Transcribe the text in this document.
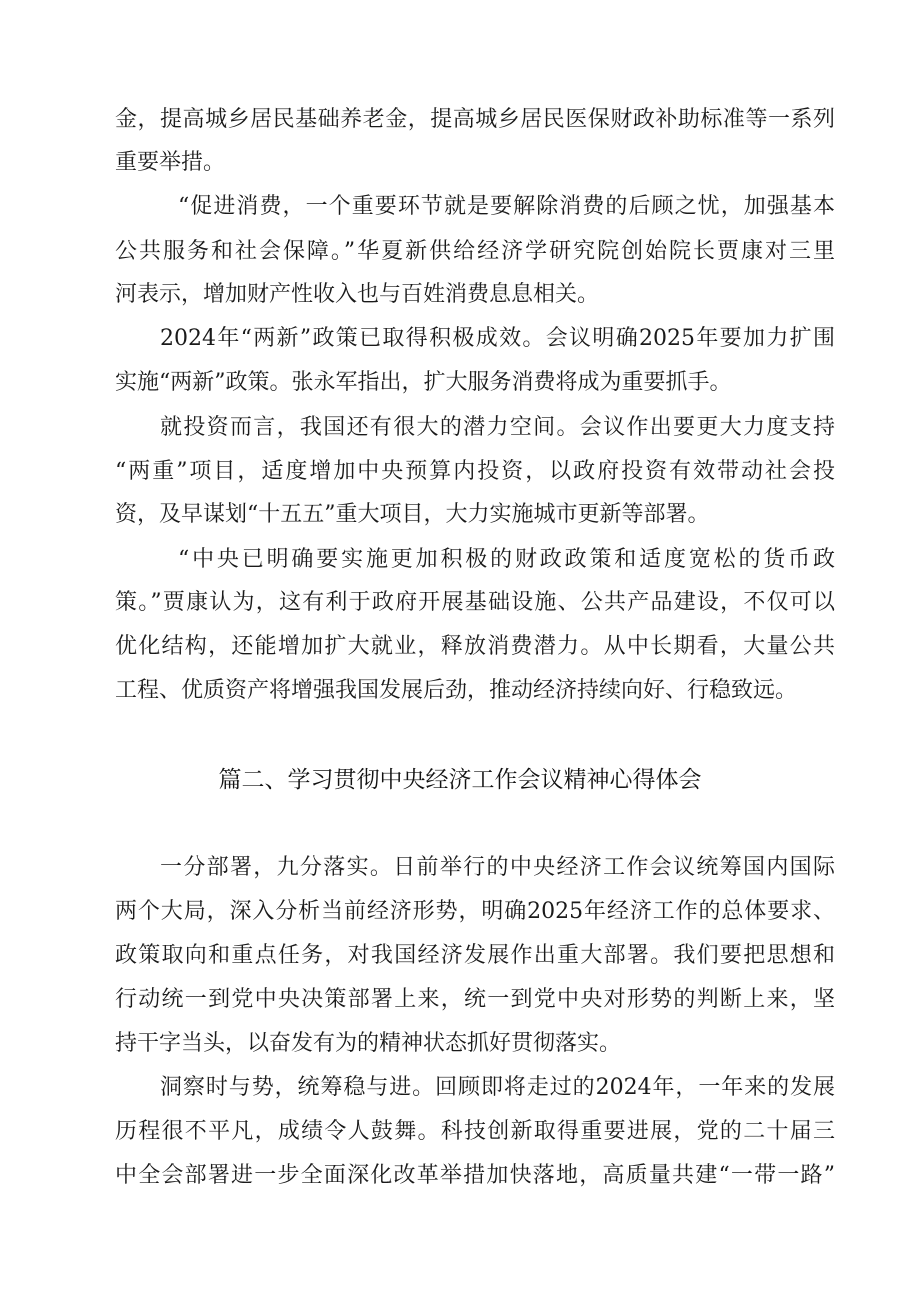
金，提高城乡居民基础养老金，提高城乡居民医保财政补助标准等一系列
重要举措。
“促进消费，一个重要环节就是要解除消费的后顾之忧，加强基本
公共服务和社会保障。”华夏新供给经济学研究院创始院长贾康对三里
河表示，增加财产性收入也与百姓消费息息相关。
2024年“两新”政策已取得积极成效。会议明确2025年要加力扩围
实施“两新”政策。张永军指出，扩大服务消费将成为重要抓手。
就投资而言，我国还有很大的潜力空间。会议作出要更大力度支持
“两重”项目，适度增加中央预算内投资，以政府投资有效带动社会投
资，及早谋划“十五五”重大项目，大力实施城市更新等部署。
“中央已明确要实施更加积极的财政政策和适度宽松的货币政
策。”贾康认为，这有利于政府开展基础设施、公共产品建设，不仅可以
优化结构，还能增加扩大就业，释放消费潜力。从中长期看，大量公共
工程、优质资产将增强我国发展后劲，推动经济持续向好、行稳致远。
篇二、学习贯彻中央经济工作会议精神心得体会
一分部署，九分落实。日前举行的中央经济工作会议统筹国内国际
两个大局，深入分析当前经济形势，明确2025年经济工作的总体要求、
政策取向和重点任务，对我国经济发展作出重大部署。我们要把思想和
行动统一到党中央决策部署上来，统一到党中央对形势的判断上来，坚
持干字当头，以奋发有为的精神状态抓好贯彻落实。
洞察时与势，统筹稳与进。回顾即将走过的2024年，一年来的发展
历程很不平凡，成绩令人鼓舞。科技创新取得重要进展，党的二十届三
中全会部署进一步全面深化改革举措加快落地，高质量共建“一带一路”
